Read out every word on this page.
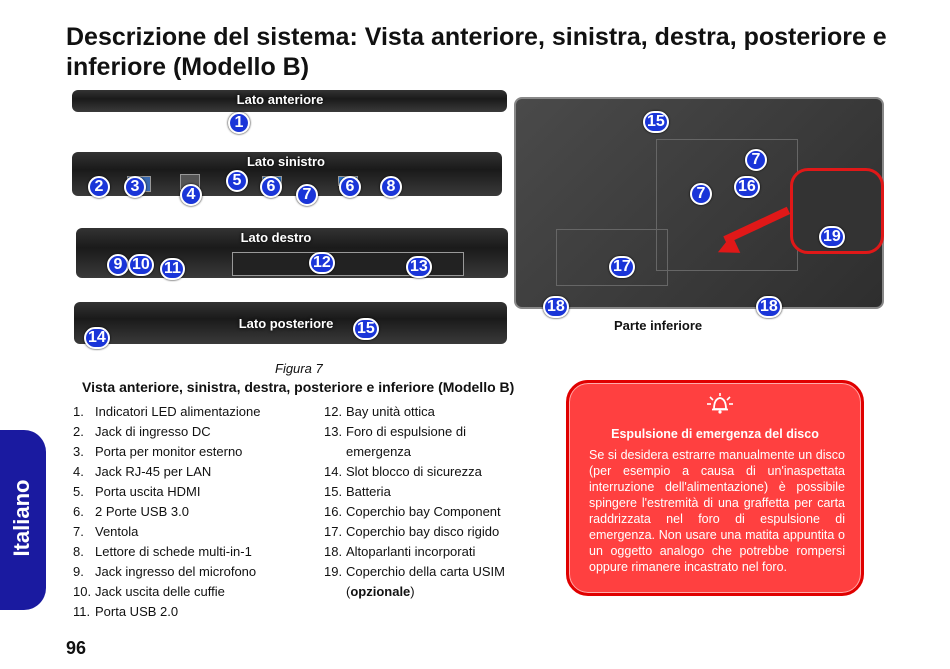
Descrizione del sistema: Vista anteriore, sinistra, destra, posteriore e inferiore (Modello B)
Lato anteriore
1
Lato sinistro
2	3	4
5	6	7	6	8
Lato destro
9 10 11	12	13
Lato posteriore
14
15
15
7
16
7
19
17
18	18
Parte inferiore
Figura 7
Vista anteriore, sinistra, destra, posteriore e inferiore (Modello B)
1. Indicatori LED alimentazione
2. Jack di ingresso DC
3. Porta per monitor esterno
4. Jack RJ-45 per LAN
5. Porta uscita HDMI
6. 2 Porte USB 3.0
7. Ventola
8. Lettore di schede multi-in-1
9. Jack ingresso del microfono
10. Jack uscita delle cuffie
11. Porta USB 2.0
12. Bay unità ottica
13. Foro di espulsione di emergenza
14. Slot blocco di sicurezza
15. Batteria
16. Coperchio bay Component
17. Coperchio bay disco rigido
18. Altoparlanti incorporati
19. Coperchio della carta USIM
(opzionale)
Espulsione di emergenza del disco
Se si desidera estrarre manualmente un disco (per esempio a causa di un'inaspettata interruzione dell'alimentazione) è possibile spingere l'estremità di una graffetta per carta raddrizzata nel foro di espulsione di emergenza. Non usare una matita appuntita o un oggetto analogo che potrebbe rompersi oppure rimanere incastrato nel foro.
Italiano
96
